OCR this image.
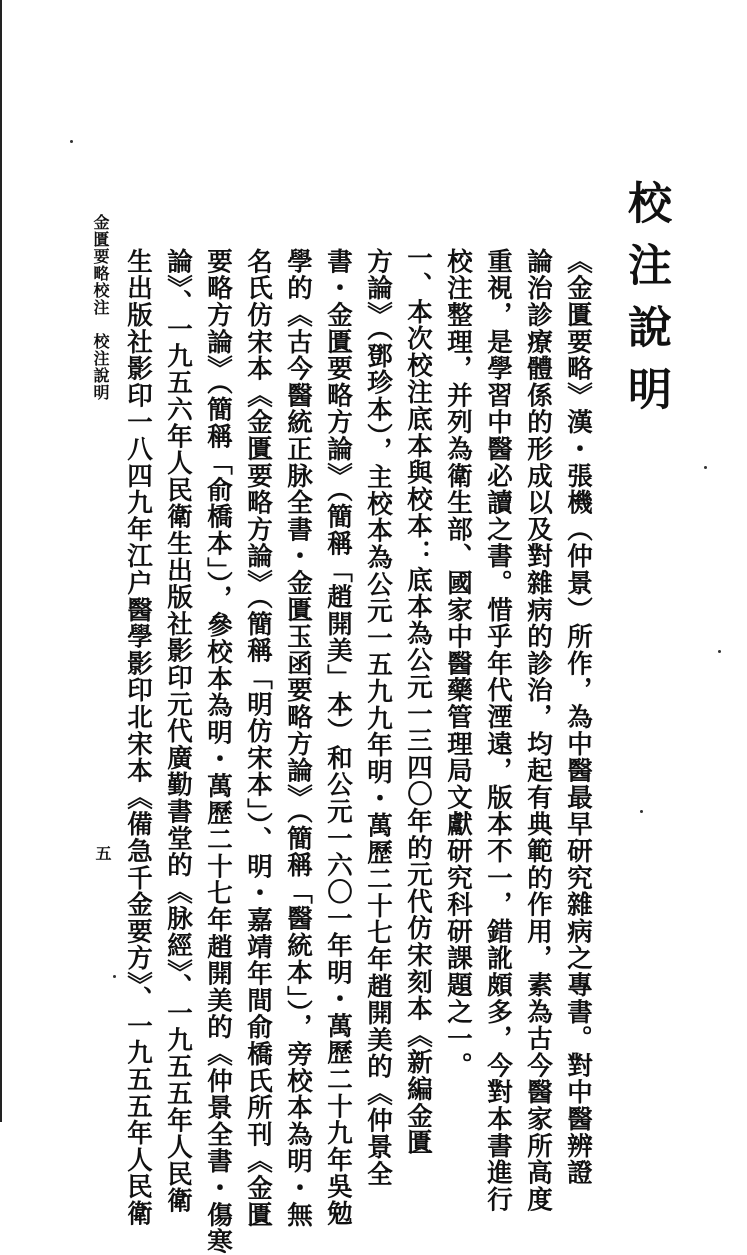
校注說明
《金匱要略》漢・張機（仲景）所作，為中醫最早研究雜病之專書。對中醫辨證
論治診療體係的形成以及對雜病的診治，均起有典範的作用，素為古今醫家所高度
重視，是學習中醫必讀之書。惜乎年代湮遠，版本不一，錯訛頗多，今對本書進行
校注整理，并列為衛生部、國家中醫藥管理局文獻研究科研課題之一。
　一、本次校注底本與校本：底本為公元一三四〇年的元代仿宋刻本《新編金匱
方論》（鄧珍本），主校本為公元一五九九年明・萬歷二十七年趙開美的《仲景全
書・金匱要略方論》（簡稱「趙開美」本）和公元一六〇一年明・萬歷二十九年吳勉
學的《古今醫統正脉全書・金匱玉函要略方論》（簡稱「醫統本」），旁校本為明・無
名氏仿宋本《金匱要略方論》（簡稱「明仿宋本」）、明・嘉靖年間俞橋氏所刊《金匱
要略方論》（簡稱「俞橋本」），參校本為明・萬歷二十七年趙開美的《仲景全書・傷寒
論》、一九五六年人民衛生出版社影印元代廣勤書堂的《脉經》、一九五五年人民衛
生出版社影印一八四九年江户醫學影印北宋本《備急千金要方》、一九五五年人民衛
金匱要略校注　校注說明
五
